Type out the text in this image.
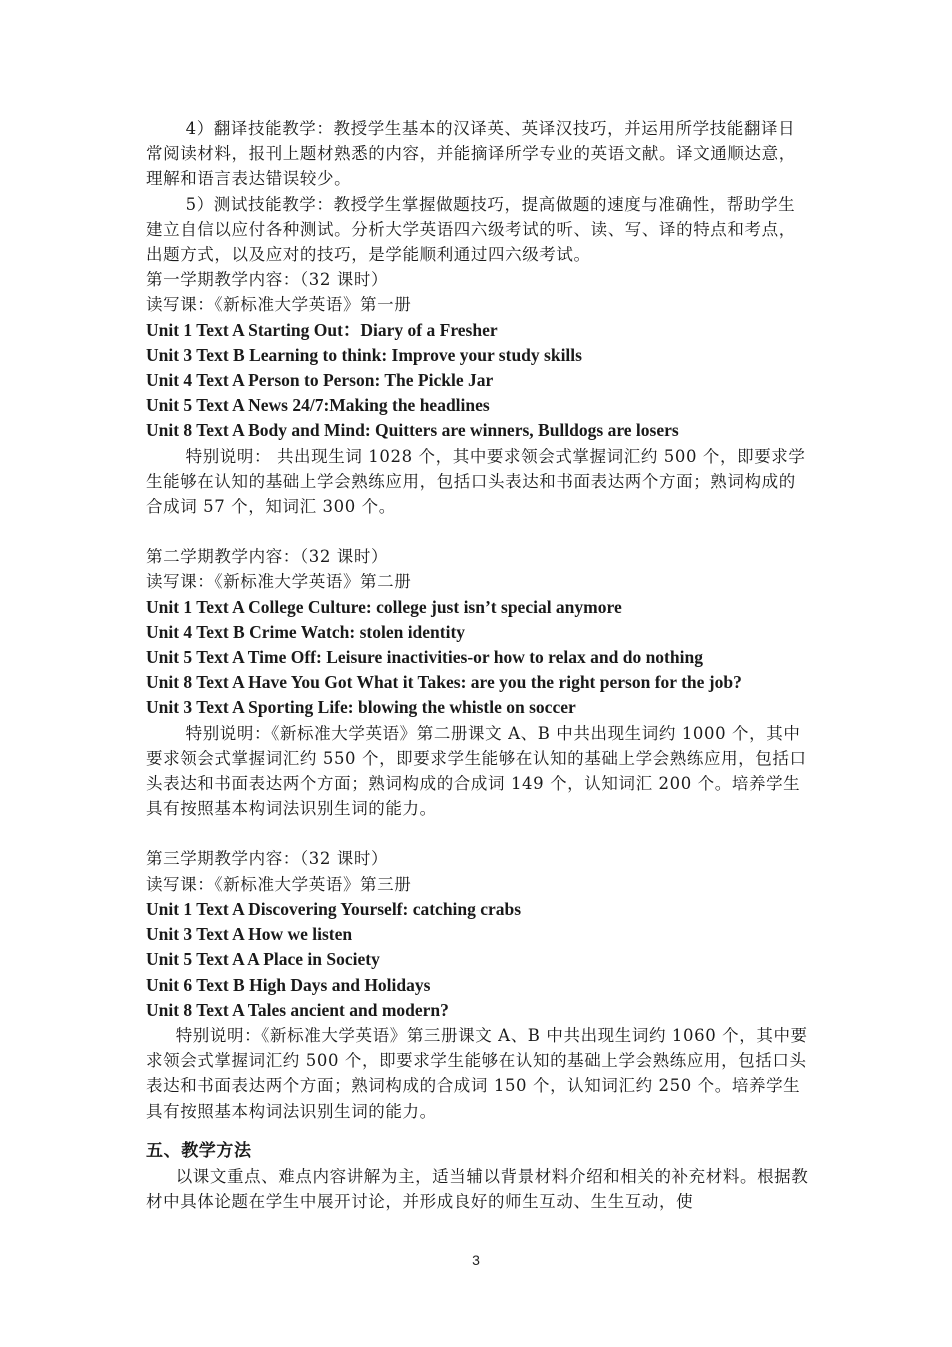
4）翻译技能教学：教授学生基本的汉译英、英译汉技巧，并运用所学技能翻译日常阅读材料，报刊上题材熟悉的内容，并能摘译所学专业的英语文献。译文通顺达意，理解和语言表达错误较少。

5）测试技能教学：教授学生掌握做题技巧，提高做题的速度与准确性，帮助学生建立自信以应付各种测试。分析大学英语四六级考试的听、读、写、译的特点和考点，出题方式，以及应对的技巧，是学能顺利通过四六级考试。

第一学期教学内容：（32 课时）

读写课：《新标准大学英语》第一册

Unit 1 Text A Starting Out：Diary of a Fresher

Unit 3 Text B Learning to think: Improve your study skills

Unit 4 Text A Person to Person: The Pickle Jar

Unit 5 Text A News 24/7:Making the headlines

Unit 8 Text A Body and Mind: Quitters are winners, Bulldogs are losers

特别说明： 共出现生词 1028 个，其中要求领会式掌握词汇约 500 个，即要求学生能够在认知的基础上学会熟练应用，包括口头表达和书面表达两个方面；熟词构成的合成词 57 个，知词汇 300 个。

第二学期教学内容：（32 课时）

读写课：《新标准大学英语》第二册

Unit 1 Text A College Culture: college just isn’t special anymore

Unit 4 Text B Crime Watch: stolen identity

Unit 5 Text A Time Off: Leisure inactivities-or how to relax and do nothing

Unit 8 Text A Have You Got What it Takes: are you the right person for the job?

Unit 3 Text A Sporting Life: blowing the whistle on soccer

特别说明：《新标准大学英语》第二册课文 A、B 中共出现生词约 1000 个，其中要求领会式掌握词汇约 550 个，即要求学生能够在认知的基础上学会熟练应用，包括口头表达和书面表达两个方面；熟词构成的合成词 149 个，认知词汇 200 个。培养学生具有按照基本构词法识别生词的能力。

第三学期教学内容：（32 课时）

读写课：《新标准大学英语》第三册

Unit 1 Text A Discovering Yourself: catching crabs

Unit 3 Text A How we listen

Unit 5 Text A A Place in Society

Unit 6 Text B High Days and Holidays

Unit 8 Text A Tales ancient and modern?

特别说明：《新标准大学英语》第三册课文 A、B 中共出现生词约 1060 个，其中要求领会式掌握词汇约 500 个，即要求学生能够在认知的基础上学会熟练应用，包括口头表达和书面表达两个方面；熟词构成的合成词 150 个，认知词汇约 250 个。培养学生具有按照基本构词法识别生词的能力。

五、教学方法

以课文重点、难点内容讲解为主，适当辅以背景材料介绍和相关的补充材料。根据教材中具体论题在学生中展开讨论，并形成良好的师生互动、生生互动，使

3
